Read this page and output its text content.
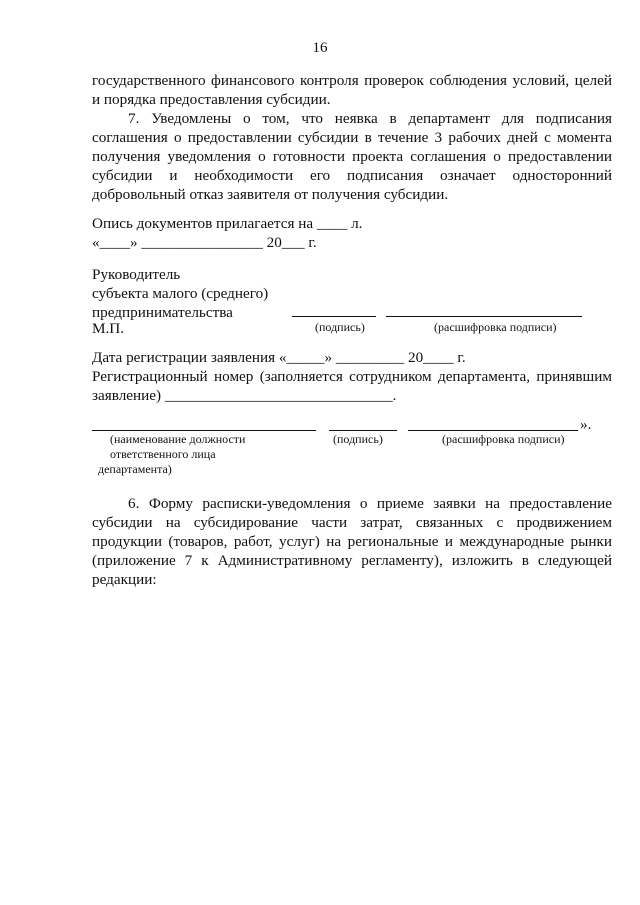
16
государственного финансового контроля проверок соблюдения условий, целей
и порядка предоставления субсидии.
7. Уведомлены о том, что неявка в департамент для подписания
соглашения о предоставлении субсидии в течение 3 рабочих дней с момента
получения уведомления о готовности проекта соглашения о предоставлении
субсидии и необходимости его подписания означает односторонний
добровольный отказ заявителя от получения субсидии.
Опись документов прилагается на ____ л.
«____» ________________ 20___ г.
Руководитель
субъекта малого (среднего)
предпринимательства
М.П.	(подпись)	(расшифровка подписи)
Дата регистрации заявления «_____» _________ 20____ г.
Регистрационный номер (заполняется сотрудником департамента, принявшим
заявление) ______________________________.
».
(наименование должности
ответственного лица
департамента)
(подпись)	(расшифровка подписи)
6. Форму расписки-уведомления о приеме заявки на предоставление
субсидии на субсидирование части затрат, связанных с продвижением
продукции (товаров, работ, услуг) на региональные и международные рынки
(приложение 7 к Административному регламенту), изложить в следующей
редакции:
